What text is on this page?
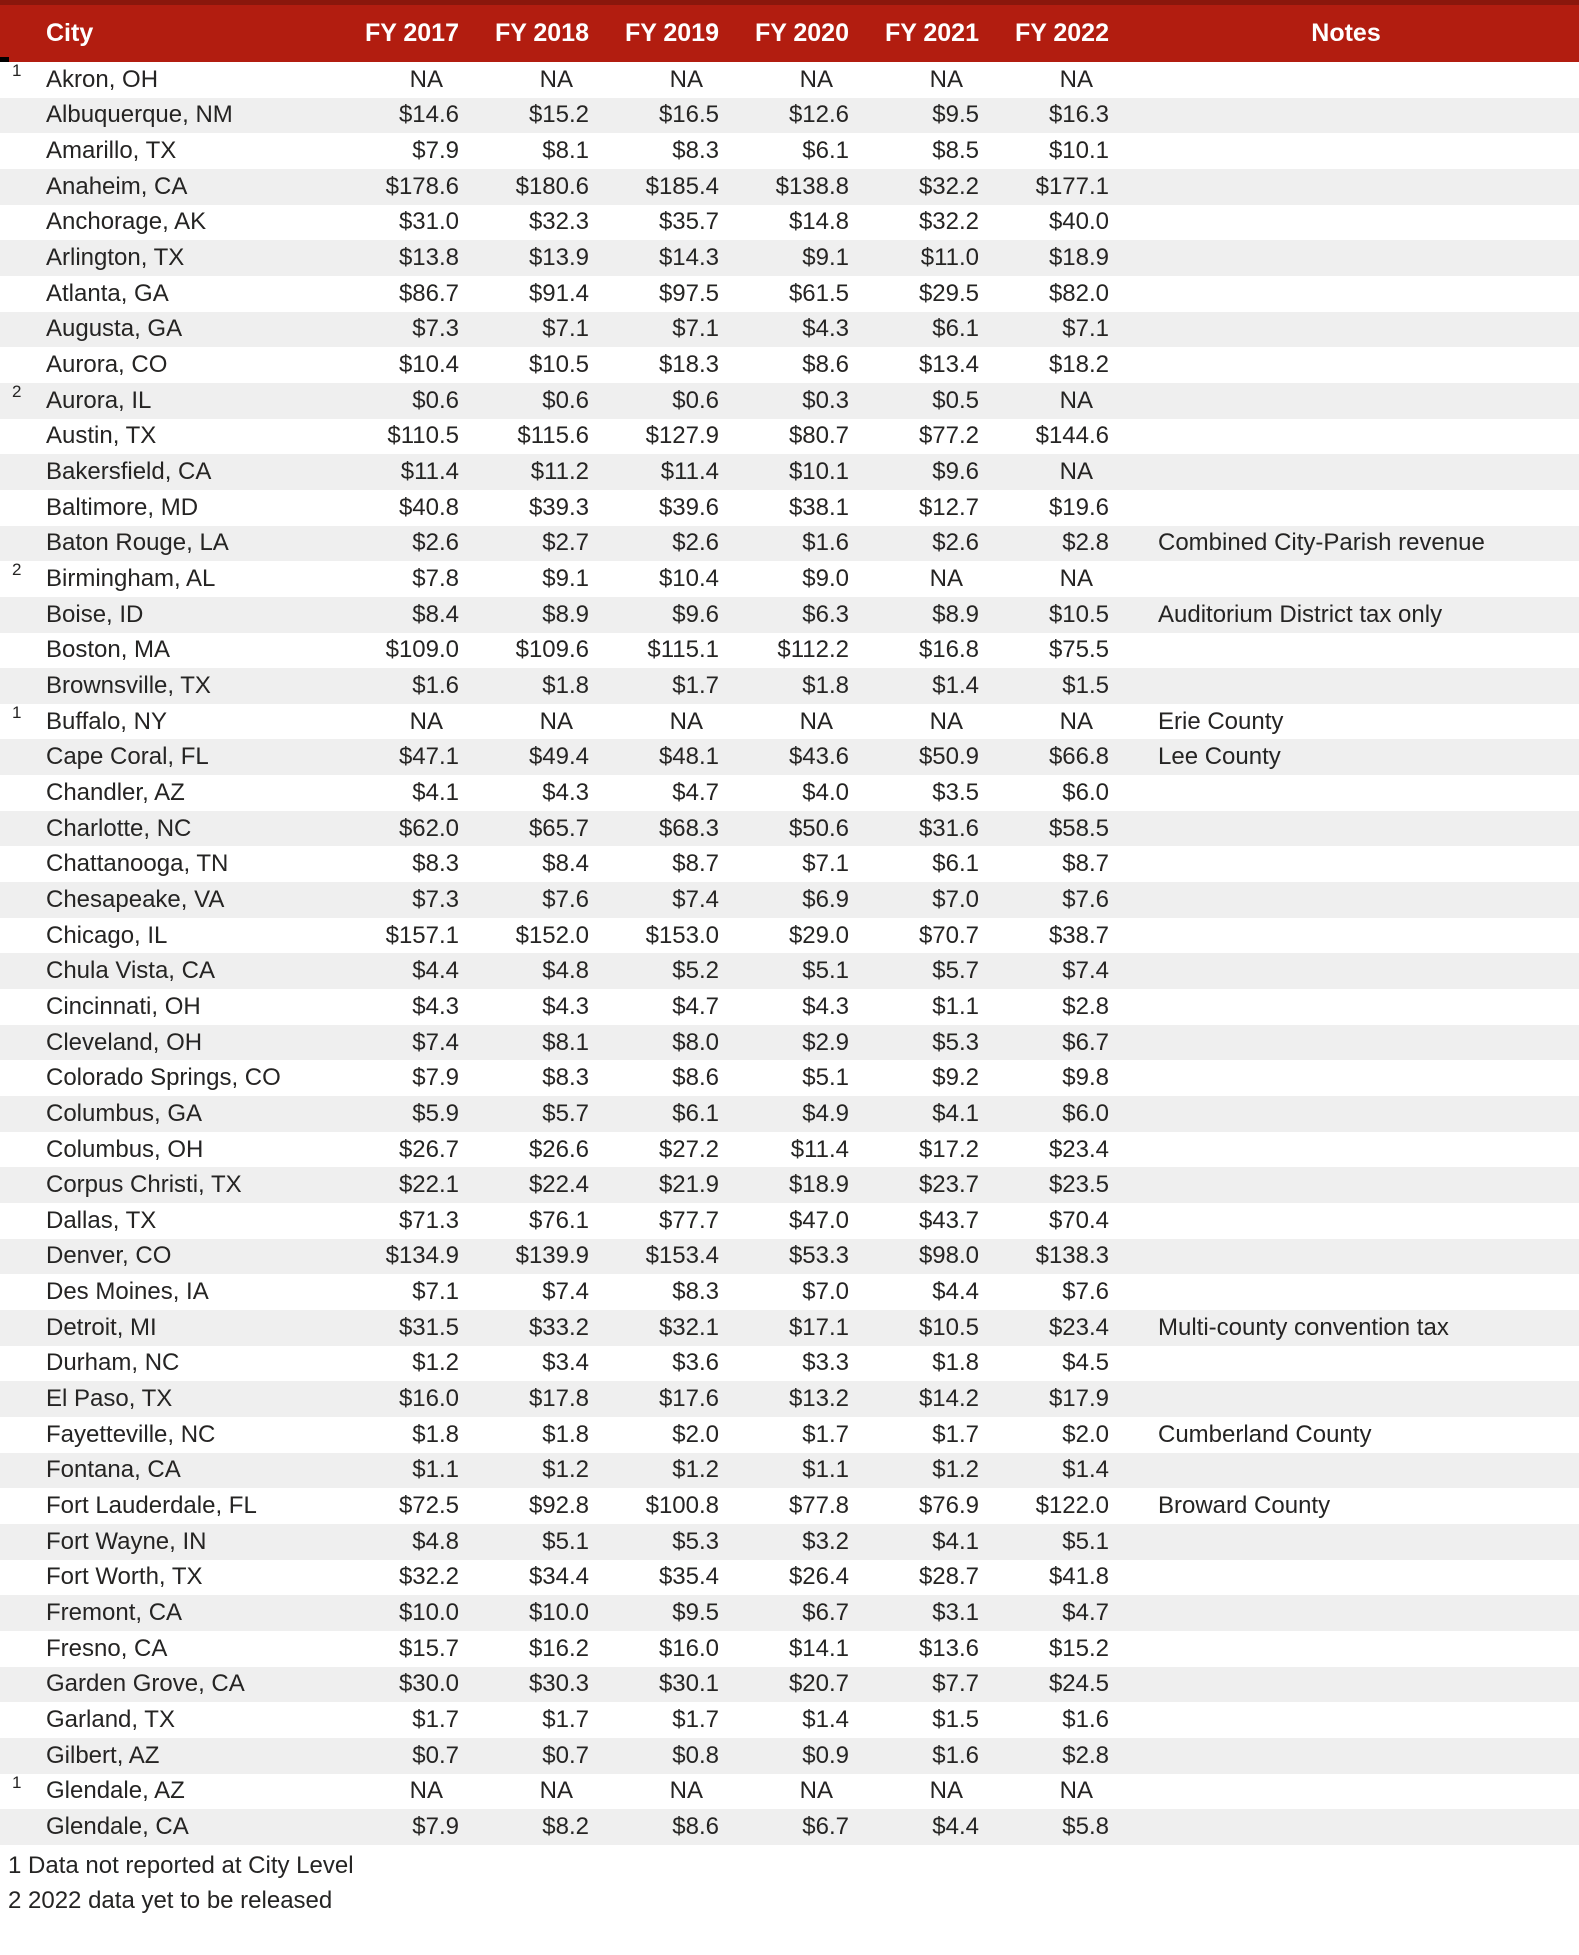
City	FY 2017	FY 2018	FY 2019	FY 2020	FY 2021	FY 2022	Notes
1 Akron, OH	NA	NA	NA	NA	NA	NA
Albuquerque, NM	$14.6	$15.2	$16.5	$12.6	$9.5	$16.3
Amarillo, TX	$7.9	$8.1	$8.3	$6.1	$8.5	$10.1
Anaheim, CA	$178.6	$180.6	$185.4	$138.8	$32.2	$177.1
Anchorage, AK	$31.0	$32.3	$35.7	$14.8	$32.2	$40.0
Arlington, TX	$13.8	$13.9	$14.3	$9.1	$11.0	$18.9
Atlanta, GA	$86.7	$91.4	$97.5	$61.5	$29.5	$82.0
Augusta, GA	$7.3	$7.1	$7.1	$4.3	$6.1	$7.1
Aurora, CO	$10.4	$10.5	$18.3	$8.6	$13.4	$18.2
2 Aurora, IL	$0.6	$0.6	$0.6	$0.3	$0.5	NA
Austin, TX	$110.5	$115.6	$127.9	$80.7	$77.2	$144.6
Bakersfield, CA	$11.4	$11.2	$11.4	$10.1	$9.6	NA
Baltimore, MD	$40.8	$39.3	$39.6	$38.1	$12.7	$19.6
Baton Rouge, LA	$2.6	$2.7	$2.6	$1.6	$2.6	$2.8	Combined City-Parish revenue
2 Birmingham, AL	$7.8	$9.1	$10.4	$9.0	NA	NA
Boise, ID	$8.4	$8.9	$9.6	$6.3	$8.9	$10.5	Auditorium District tax only
Boston, MA	$109.0	$109.6	$115.1	$112.2	$16.8	$75.5
Brownsville, TX	$1.6	$1.8	$1.7	$1.8	$1.4	$1.5
1 Buffalo, NY	NA	NA	NA	NA	NA	NA	Erie County
Cape Coral, FL	$47.1	$49.4	$48.1	$43.6	$50.9	$66.8	Lee County
Chandler, AZ	$4.1	$4.3	$4.7	$4.0	$3.5	$6.0
Charlotte, NC	$62.0	$65.7	$68.3	$50.6	$31.6	$58.5
Chattanooga, TN	$8.3	$8.4	$8.7	$7.1	$6.1	$8.7
Chesapeake, VA	$7.3	$7.6	$7.4	$6.9	$7.0	$7.6
Chicago, IL	$157.1	$152.0	$153.0	$29.0	$70.7	$38.7
Chula Vista, CA	$4.4	$4.8	$5.2	$5.1	$5.7	$7.4
Cincinnati, OH	$4.3	$4.3	$4.7	$4.3	$1.1	$2.8
Cleveland, OH	$7.4	$8.1	$8.0	$2.9	$5.3	$6.7
Colorado Springs, CO	$7.9	$8.3	$8.6	$5.1	$9.2	$9.8
Columbus, GA	$5.9	$5.7	$6.1	$4.9	$4.1	$6.0
Columbus, OH	$26.7	$26.6	$27.2	$11.4	$17.2	$23.4
Corpus Christi, TX	$22.1	$22.4	$21.9	$18.9	$23.7	$23.5
Dallas, TX	$71.3	$76.1	$77.7	$47.0	$43.7	$70.4
Denver, CO	$134.9	$139.9	$153.4	$53.3	$98.0	$138.3
Des Moines, IA	$7.1	$7.4	$8.3	$7.0	$4.4	$7.6
Detroit, MI	$31.5	$33.2	$32.1	$17.1	$10.5	$23.4	Multi-county convention tax
Durham, NC	$1.2	$3.4	$3.6	$3.3	$1.8	$4.5
El Paso, TX	$16.0	$17.8	$17.6	$13.2	$14.2	$17.9
Fayetteville, NC	$1.8	$1.8	$2.0	$1.7	$1.7	$2.0	Cumberland County
Fontana, CA	$1.1	$1.2	$1.2	$1.1	$1.2	$1.4
Fort Lauderdale, FL	$72.5	$92.8	$100.8	$77.8	$76.9	$122.0	Broward County
Fort Wayne, IN	$4.8	$5.1	$5.3	$3.2	$4.1	$5.1
Fort Worth, TX	$32.2	$34.4	$35.4	$26.4	$28.7	$41.8
Fremont, CA	$10.0	$10.0	$9.5	$6.7	$3.1	$4.7
Fresno, CA	$15.7	$16.2	$16.0	$14.1	$13.6	$15.2
Garden Grove, CA	$30.0	$30.3	$30.1	$20.7	$7.7	$24.5
Garland, TX	$1.7	$1.7	$1.7	$1.4	$1.5	$1.6
Gilbert, AZ	$0.7	$0.7	$0.8	$0.9	$1.6	$2.8
1 Glendale, AZ	NA	NA	NA	NA	NA	NA
Glendale, CA	$7.9	$8.2	$8.6	$6.7	$4.4	$5.8
1 Data not reported at City Level
2 2022 data yet to be released
